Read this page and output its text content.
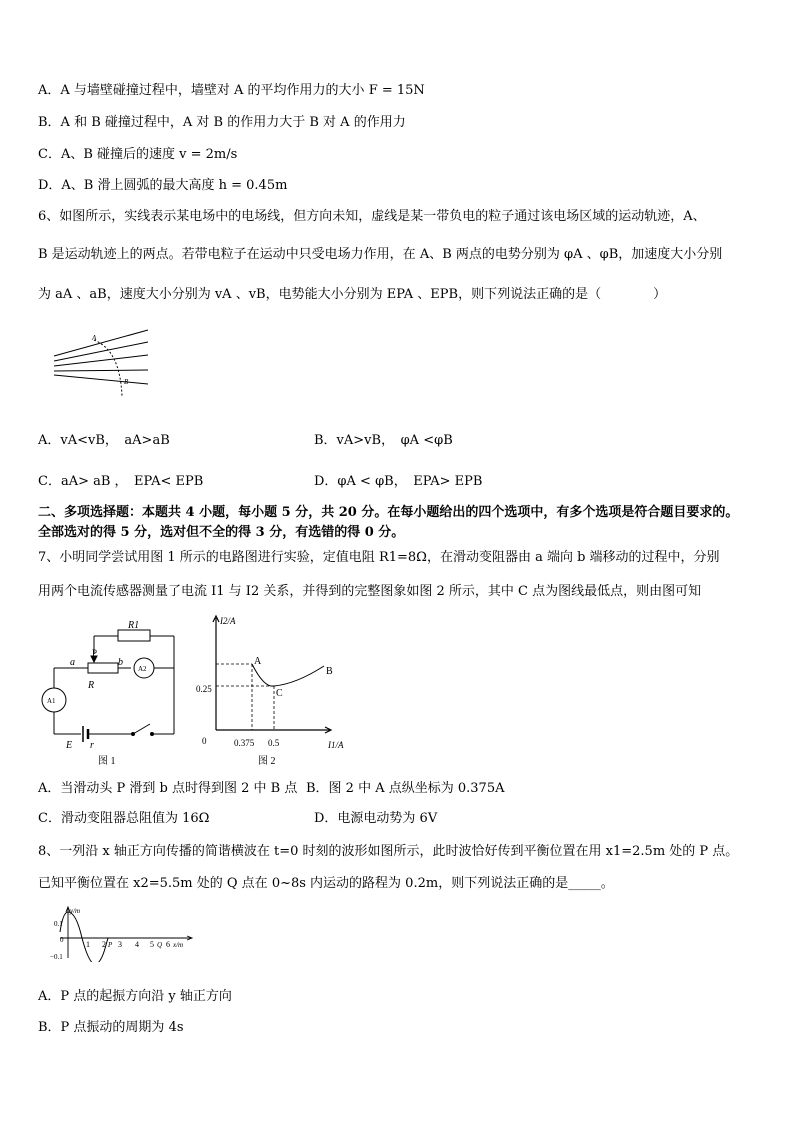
A．A 与墙壁碰撞过程中，墙壁对 A 的平均作用力的大小 F = 15N
B．A 和 B 碰撞过程中，A 对 B 的作用力大于 B 对 A 的作用力
C．A、B 碰撞后的速度 v = 2m/s
D．A、B 滑上圆弧的最大高度 h = 0.45m
6、如图所示，实线表示某电场中的电场线，但方向未知，虚线是某一带负电的粒子通过该电场区域的运动轨迹，A、
B 是运动轨迹上的两点。若带电粒子在运动中只受电场力作用，在 A、B 两点的电势分别为 φA 、φB，加速度大小分别
为 aA 、aB，速度大小分别为 vA 、vB，电势能大小分别为 EPA 、EPB，则下列说法正确的是（　　　　）
A
B
A．vA<vB，　aA>aB	B．vA>vB，　φA <φB
C．aA> aB ，　EPA< EPB	D．φA < φB，　EPA> EPB
二、多项选择题：本题共 4 小题，每小题 5 分，共 20 分。在每小题给出的四个选项中，有多个选项是符合题目要求的。
全部选对的得 5 分，选对但不全的得 3 分，有选错的得 0 分。
7、小明同学尝试用图 1 所示的电路图进行实验，定值电阻 R1=8Ω，在滑动变阻器由 a 端向 b 端移动的过程中，分别
用两个电流传感器测量了电流 I1 与 I2 关系，并得到的完整图象如图 2 所示，其中 C 点为图线最低点，则由图可知
R1
P
a	b
A2
R
A1
E r
图 1
I2/A
I1/A
0
0.25
0.375 0.5
A
B
C
图 2
A．当滑动头 P 滑到 b 点时得到图 2 中 B 点 B．图 2 中 A 点纵坐标为 0.375A
C．滑动变阻器总阻值为 16Ω	D．电源电动势为 6V
8、一列沿 x 轴正方向传播的简谐横波在 t=0 时刻的波形如图所示，此时波恰好传到平衡位置在用 x1=2.5m 处的 P 点。
已知平衡位置在 x2=5.5m 处的 Q 点在 0~8s 内运动的路程为 0.2m，则下列说法正确的是_____。
y/m
0.1
0
−0.1
1 2 P 3 4 5 Q 6 x/m
A．P 点的起振方向沿 y 轴正方向
B．P 点振动的周期为 4s
